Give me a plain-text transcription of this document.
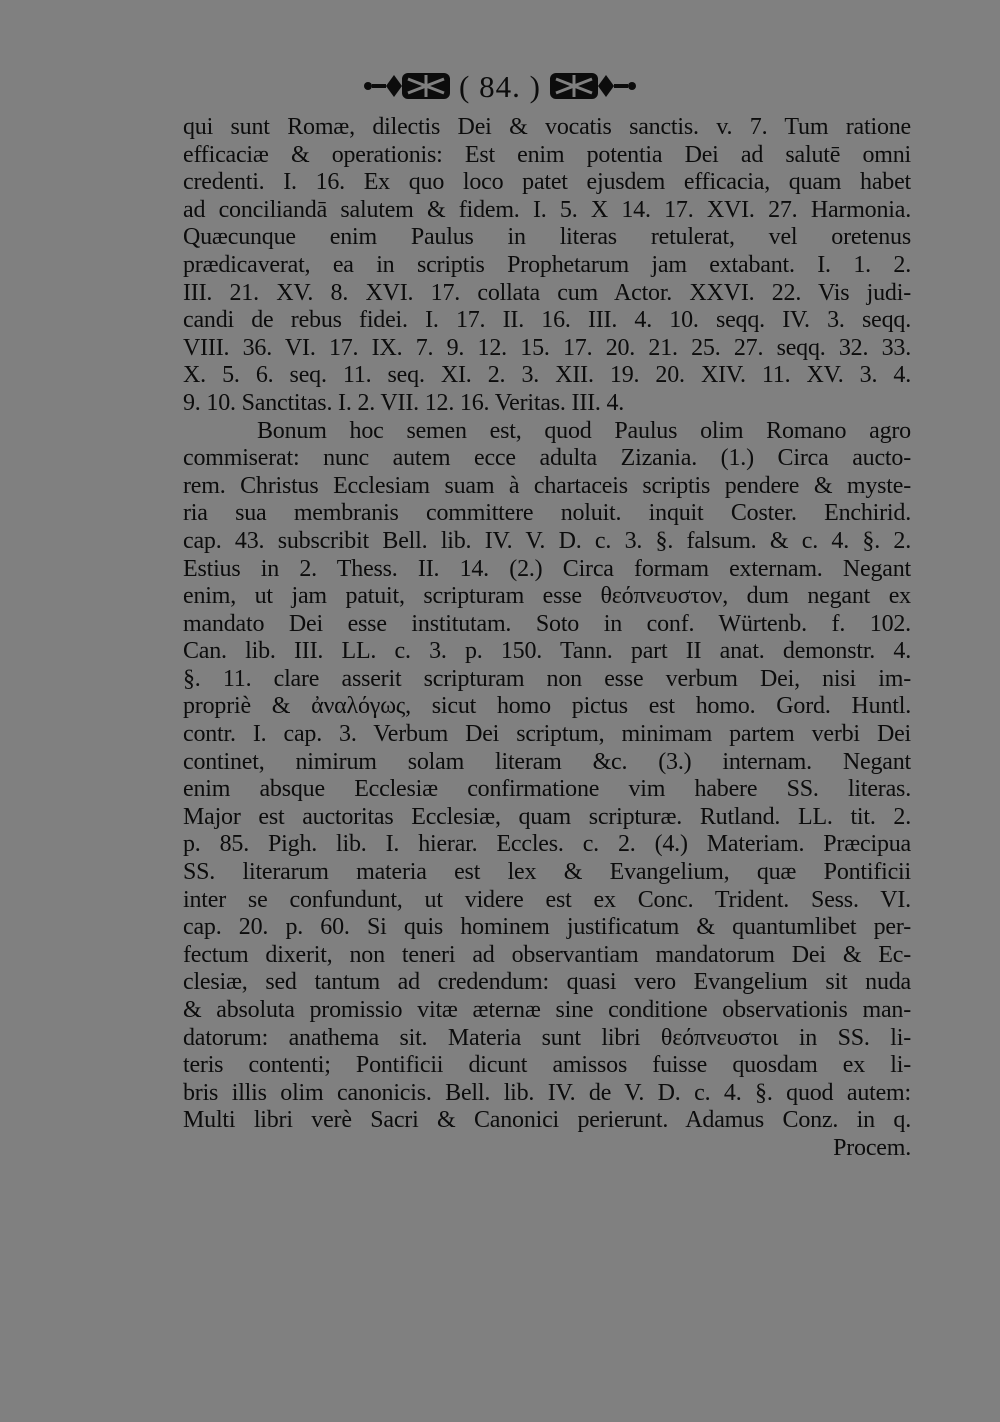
( 84. )
qui sunt Romæ, dilectis Dei & vocatis sanctis. v. 7. Tum ratione
efficaciæ & operationis: Est enim potentia Dei ad salutē omni
credenti. I. 16. Ex quo loco patet ejusdem efficacia, quam habet
ad conciliandā salutem & fidem. I. 5. X 14. 17. XVI. 27. Harmonia.
Quæcunque enim Paulus in literas retulerat, vel oretenus
prædicaverat, ea in scriptis Prophetarum jam extabant. I. 1. 2.
III. 21. XV. 8. XVI. 17. collata cum Actor. XXVI. 22. Vis judi-
candi de rebus fidei. I. 17. II. 16. III. 4. 10. seqq. IV. 3. seqq.
VIII. 36. VI. 17. IX. 7. 9. 12. 15. 17. 20. 21. 25. 27. seqq. 32. 33.
X. 5. 6. seq. 11. seq. XI. 2. 3. XII. 19. 20. XIV. 11. XV. 3. 4.
9. 10. Sanctitas. I. 2. VII. 12. 16. Veritas. III. 4.
Bonum hoc semen est, quod Paulus olim Romano agro
commiserat: nunc autem ecce adulta Zizania. (1.) Circa aucto-
rem. Christus Ecclesiam suam à chartaceis scriptis pendere & myste-
ria sua membranis committere noluit. inquit Coster. Enchirid.
cap. 43. subscribit Bell. lib. IV. V. D. c. 3. §. falsum. & c. 4. §. 2.
Estius in 2. Thess. II. 14. (2.) Circa formam externam. Negant
enim, ut jam patuit, scripturam esse θεόπνευστον, dum negant ex
mandato Dei esse institutam. Soto in conf. Würtenb. f. 102.
Can. lib. III. LL. c. 3. p. 150. Tann. part II anat. demonstr. 4.
§. 11. clare asserit scripturam non esse verbum Dei, nisi im-
propriè & ἀναλόγως, sicut homo pictus est homo. Gord. Huntl.
contr. I. cap. 3. Verbum Dei scriptum, minimam partem verbi Dei
continet, nimirum solam literam &c. (3.) internam. Negant
enim absque Ecclesiæ confirmatione vim habere SS. literas.
Major est auctoritas Ecclesiæ, quam scripturæ. Rutland. LL. tit. 2.
p. 85. Pigh. lib. I. hierar. Eccles. c. 2. (4.) Materiam. Præcipua
SS. literarum materia est lex & Evangelium, quæ Pontificii
inter se confundunt, ut videre est ex Conc. Trident. Sess. VI.
cap. 20. p. 60. Si quis hominem justificatum & quantumlibet per-
fectum dixerit, non teneri ad observantiam mandatorum Dei & Ec-
clesiæ, sed tantum ad credendum: quasi vero Evangelium sit nuda
& absoluta promissio vitæ æternæ sine conditione observationis man-
datorum: anathema sit. Materia sunt libri θεόπνευστοι in SS. li-
teris contenti; Pontificii dicunt amissos fuisse quosdam ex li-
bris illis olim canonicis. Bell. lib. IV. de V. D. c. 4. §. quod autem:
Multi libri verè Sacri & Canonici perierunt. Adamus Conz. in q.
Procem.
